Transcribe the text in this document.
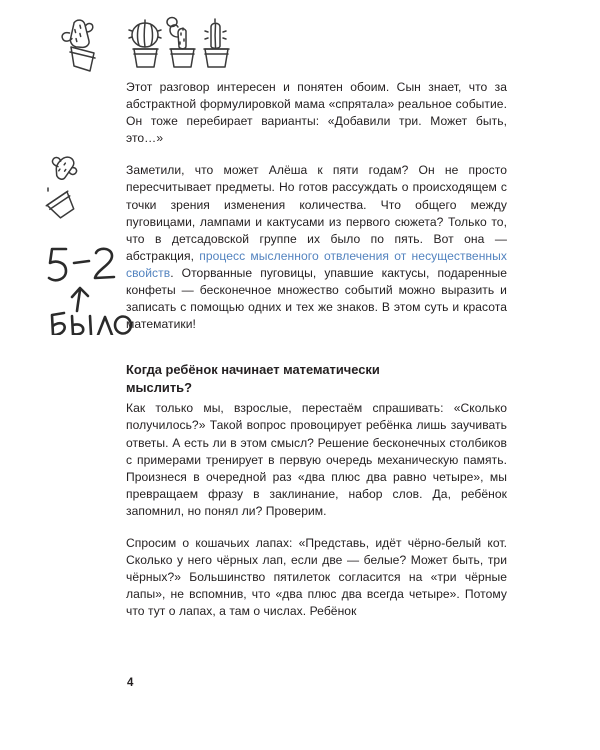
Этот разговор интересен и понятен обоим. Сын знает, что за абстрактной формулировкой мама «спрятала» реальное событие. Он тоже перебирает варианты: «Добавили три. Может быть, это…»

Заметили, что может Алёша к пяти годам? Он не просто пересчитывает предметы. Но готов рассуждать о происходящем с точки зрения изменения количества. Что общего между пуговицами, лампами и кактусами из первого сюжета? Только то, что в детсадовской группе их было по пять. Вот она — абстракция, процесс мысленного отвлечения от несущественных свойств. Оторванные пуговицы, упавшие кактусы, подаренные конфеты — бесконечное множество событий можно выразить и записать с помощью одних и тех же знаков. В этом суть и красота математики!

Когда ребёнок начинает математически мыслить?

Как только мы, взрослые, перестаём спрашивать: «Сколько получилось?» Такой вопрос провоцирует ребёнка лишь заучивать ответы. А есть ли в этом смысл? Решение бесконечных столбиков с примерами тренирует в первую очередь механическую память. Произнеся в очередной раз «два плюс два равно четыре», мы превращаем фразу в заклинание, набор слов. Да, ребёнок запомнил, но понял ли? Проверим.

Спросим о кошачьих лапах: «Представь, идёт чёрно-белый кот. Сколько у него чёрных лап, если две — белые? Может быть, три чёрных?» Большинство пятилеток согласится на «три чёрные лапы», не вспомнив, что «два плюс два всегда четыре». Потому что тут о лапах, а там о числах. Ребёнок

4
